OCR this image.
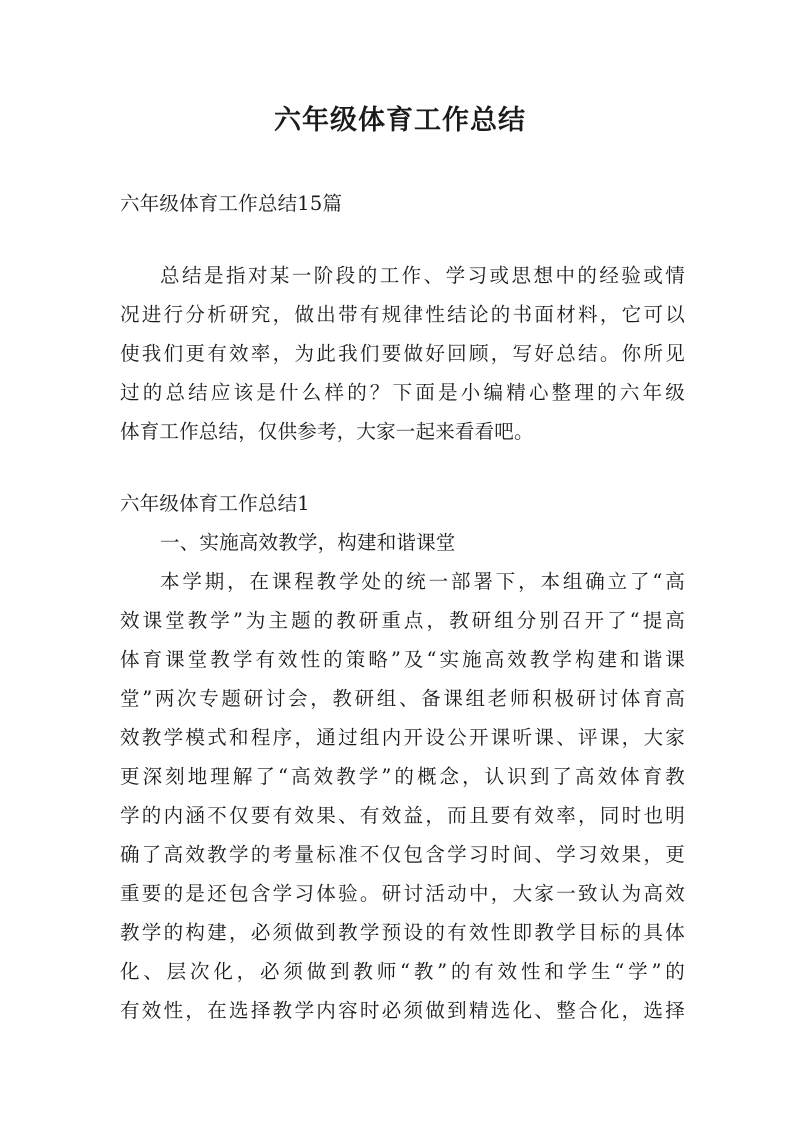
六年级体育工作总结
六年级体育工作总结15篇
总结是指对某一阶段的工作、学习或思想中的经验或情
况进行分析研究，做出带有规律性结论的书面材料，它可以
使我们更有效率，为此我们要做好回顾，写好总结。你所见
过的总结应该是什么样的？下面是小编精心整理的六年级
体育工作总结，仅供参考，大家一起来看看吧。
六年级体育工作总结1
一、实施高效教学，构建和谐课堂
本学期，在课程教学处的统一部署下，本组确立了“高
效课堂教学”为主题的教研重点，教研组分别召开了“提高
体育课堂教学有效性的策略”及“实施高效教学构建和谐课
堂”两次专题研讨会，教研组、备课组老师积极研讨体育高
效教学模式和程序，通过组内开设公开课听课、评课，大家
更深刻地理解了“高效教学”的概念，认识到了高效体育教
学的内涵不仅要有效果、有效益，而且要有效率，同时也明
确了高效教学的考量标准不仅包含学习时间、学习效果，更
重要的是还包含学习体验。研讨活动中，大家一致认为高效
教学的构建，必须做到教学预设的有效性即教学目标的具体
化、层次化，必须做到教师“教”的有效性和学生“学”的
有效性，在选择教学内容时必须做到精选化、整合化，选择
